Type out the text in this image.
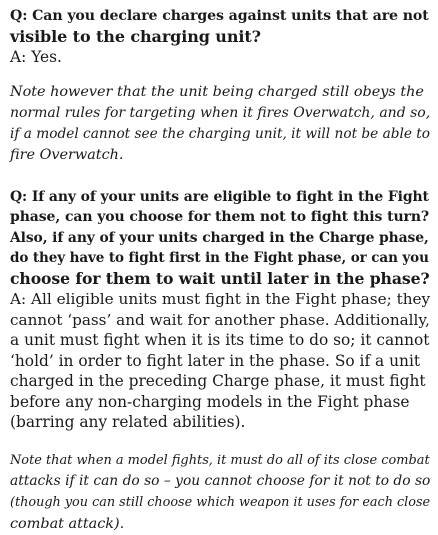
Q: Can you declare charges against units that are not
visible to the charging unit?
A: Yes.
Note however that the unit being charged still obeys the
normal rules for targeting when it fires Overwatch, and so,
if a model cannot see the charging unit, it will not be able to
fire Overwatch.
Q: If any of your units are eligible to fight in the Fight
phase, can you choose for them not to fight this turn?
Also, if any of your units charged in the Charge phase,
do they have to fight first in the Fight phase, or can you
choose for them to wait until later in the phase?
A: All eligible units must fight in the Fight phase; they
cannot ‘pass’ and wait for another phase. Additionally,
a unit must fight when it is its time to do so; it cannot
‘hold’ in order to fight later in the phase. So if a unit
charged in the preceding Charge phase, it must fight
before any non-charging models in the Fight phase
(barring any related abilities).
Note that when a model fights, it must do all of its close combat
attacks if it can do so – you cannot choose for it not to do so
(though you can still choose which weapon it uses for each close
combat attack).
